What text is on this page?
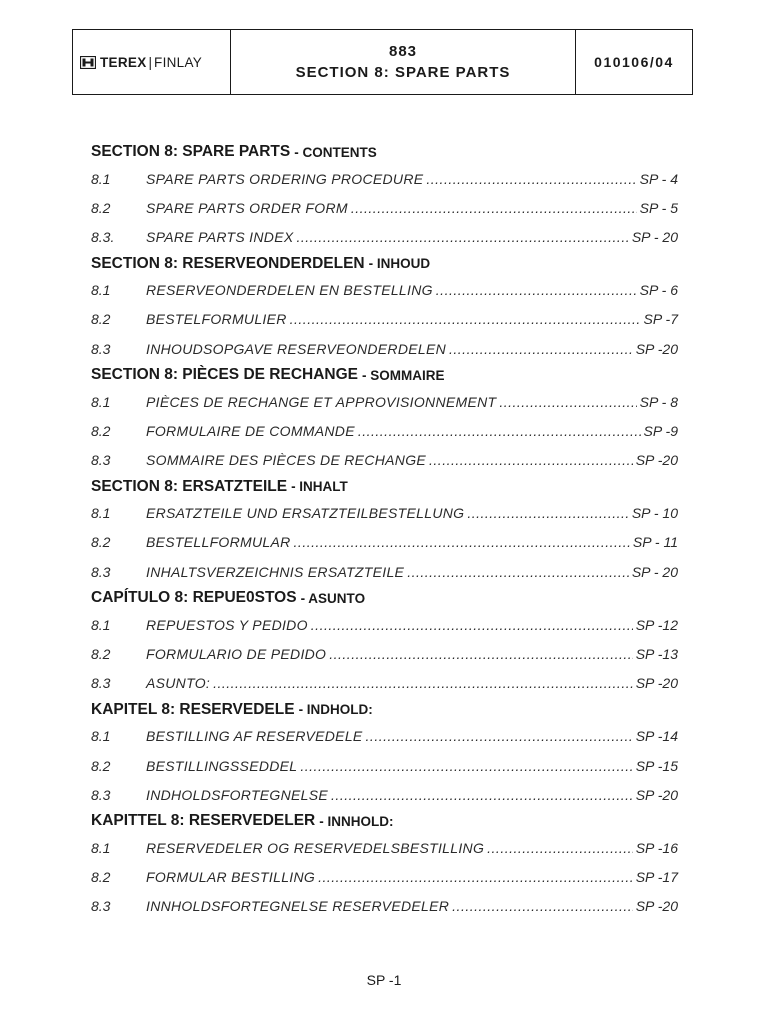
TEREX | FINLAY
883
SECTION 8: SPARE PARTS
010106/04
SECTION 8: SPARE PARTS - CONTENTS
8.1	SPARE PARTS ORDERING PROCEDURE .....	SP - 4
8.2	SPARE PARTS ORDER FORM .....	SP - 5
8.3.	SPARE PARTS INDEX .....	SP - 20
SECTION 8: RESERVEONDERDELEN - INHOUD
8.1	RESERVEONDERDELEN EN BESTELLING .....	SP - 6
8.2	BESTELFORMULIER .....	SP -7
8.3	INHOUDSOPGAVE RESERVEONDERDELEN .....	SP -20
SECTION 8: PIÈCES DE RECHANGE - SOMMAIRE
8.1	PIÈCES DE RECHANGE ET APPROVISIONNEMENT .....	SP - 8
8.2	FORMULAIRE DE COMMANDE .....	SP -9
8.3	SOMMAIRE DES PIÈCES DE RECHANGE .....	SP -20
SECTION 8: ERSATZTEILE - INHALT
8.1	ERSATZTEILE UND ERSATZTEILBESTELLUNG .....	SP - 10
8.2	BESTELLFORMULAR .....	SP - 11
8.3	INHALTSVERZEICHNIS ERSATZTEILE .....	SP - 20
CAPÍTULO 8: REPUE0STOS - ASUNTO
8.1	REPUESTOS Y PEDIDO .....	SP -12
8.2	FORMULARIO DE PEDIDO .....	SP -13
8.3	ASUNTO: .....	SP -20
KAPITEL 8: RESERVEDELE - INDHOLD:
8.1	BESTILLING AF RESERVEDELE .....	SP -14
8.2	BESTILLINGSSEDDEL .....	SP -15
8.3	INDHOLDSFORTEGNELSE .....	SP -20
KAPITTEL 8: RESERVEDELER - INNHOLD:
8.1	RESERVEDELER OG RESERVEDELSBESTILLING .....	SP -16
8.2	FORMULAR BESTILLING .....	SP -17
8.3	INNHOLDSFORTEGNELSE RESERVEDELER .....	SP -20
SP -1
